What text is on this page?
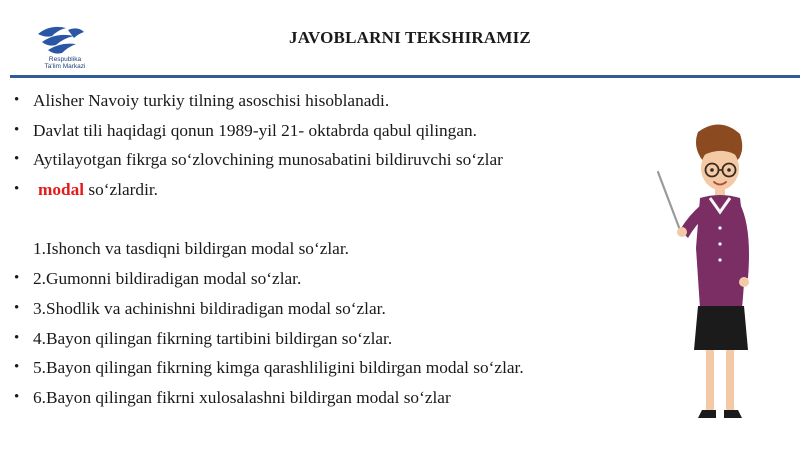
Respublika
Ta'lim Markazi
JAVOBLARNI TEKSHIRAMIZ
• Alisher Navoiy turkiy tilning asoschisi hisoblanadi.
• Davlat tili haqidagi qonun 1989-yil 21- oktabrda qabul qilingan.
• Aytilayotgan fikrga so‘zlovchining munosabatini bildiruvchi so‘zlar
• modal so‘zlardir.
1.Ishonch va tasdiqni bildirgan modal so‘zlar.
• 2.Gumonni bildiradigan modal so‘zlar.
• 3.Shodlik va achinishni bildiradigan modal so‘zlar.
• 4.Bayon qilingan fikrning tartibini bildirgan so‘zlar.
• 5.Bayon qilingan fikrning kimga qarashliligini bildirgan modal so‘zlar.
• 6.Bayon qilingan fikrni xulosalashni bildirgan modal so‘zlar
